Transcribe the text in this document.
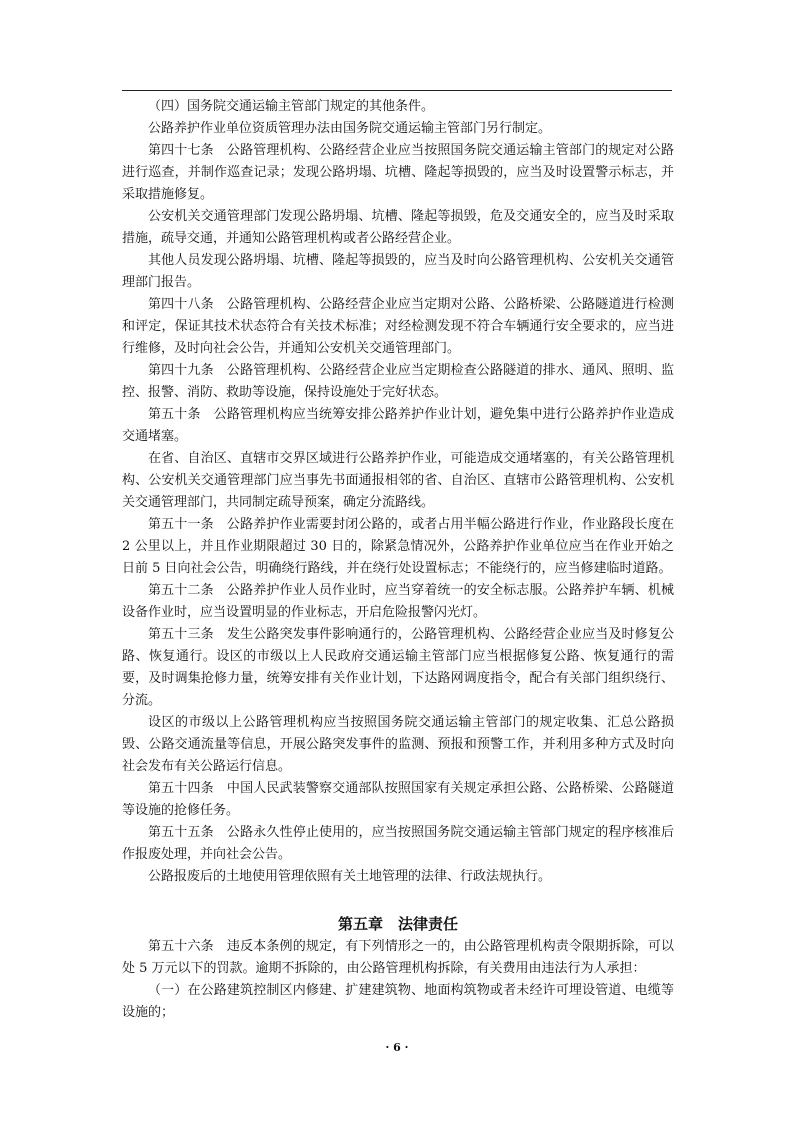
（四）国务院交通运输主管部门规定的其他条件。

公路养护作业单位资质管理办法由国务院交通运输主管部门另行制定。

第四十七条　公路管理机构、公路经营企业应当按照国务院交通运输主管部门的规定对公路进行巡查，并制作巡查记录；发现公路坍塌、坑槽、隆起等损毁的，应当及时设置警示标志，并采取措施修复。

公安机关交通管理部门发现公路坍塌、坑槽、隆起等损毁，危及交通安全的，应当及时采取措施，疏导交通，并通知公路管理机构或者公路经营企业。

其他人员发现公路坍塌、坑槽、隆起等损毁的，应当及时向公路管理机构、公安机关交通管理部门报告。

第四十八条　公路管理机构、公路经营企业应当定期对公路、公路桥梁、公路隧道进行检测和评定，保证其技术状态符合有关技术标准；对经检测发现不符合车辆通行安全要求的，应当进行维修，及时向社会公告，并通知公安机关交通管理部门。

第四十九条　公路管理机构、公路经营企业应当定期检查公路隧道的排水、通风、照明、监控、报警、消防、救助等设施，保持设施处于完好状态。

第五十条　公路管理机构应当统筹安排公路养护作业计划，避免集中进行公路养护作业造成交通堵塞。

在省、自治区、直辖市交界区域进行公路养护作业，可能造成交通堵塞的，有关公路管理机构、公安机关交通管理部门应当事先书面通报相邻的省、自治区、直辖市公路管理机构、公安机关交通管理部门，共同制定疏导预案，确定分流路线。

第五十一条　公路养护作业需要封闭公路的，或者占用半幅公路进行作业，作业路段长度在 2 公里以上，并且作业期限超过 30 日的，除紧急情况外，公路养护作业单位应当在作业开始之日前 5 日向社会公告，明确绕行路线，并在绕行处设置标志；不能绕行的，应当修建临时道路。

第五十二条　公路养护作业人员作业时，应当穿着统一的安全标志服。公路养护车辆、机械设备作业时，应当设置明显的作业标志，开启危险报警闪光灯。

第五十三条　发生公路突发事件影响通行的，公路管理机构、公路经营企业应当及时修复公路、恢复通行。设区的市级以上人民政府交通运输主管部门应当根据修复公路、恢复通行的需要，及时调集抢修力量，统筹安排有关作业计划，下达路网调度指令，配合有关部门组织绕行、分流。

设区的市级以上公路管理机构应当按照国务院交通运输主管部门的规定收集、汇总公路损毁、公路交通流量等信息，开展公路突发事件的监测、预报和预警工作，并利用多种方式及时向社会发布有关公路运行信息。

第五十四条　中国人民武装警察交通部队按照国家有关规定承担公路、公路桥梁、公路隧道等设施的抢修任务。

第五十五条　公路永久性停止使用的，应当按照国务院交通运输主管部门规定的程序核准后作报废处理，并向社会公告。

公路报废后的土地使用管理依照有关土地管理的法律、行政法规执行。

第五章　法律责任

第五十六条　违反本条例的规定，有下列情形之一的，由公路管理机构责令限期拆除，可以处 5 万元以下的罚款。逾期不拆除的，由公路管理机构拆除，有关费用由违法行为人承担：

（一）在公路建筑控制区内修建、扩建建筑物、地面构筑物或者未经许可埋设管道、电缆等设施的；

· 6 ·
